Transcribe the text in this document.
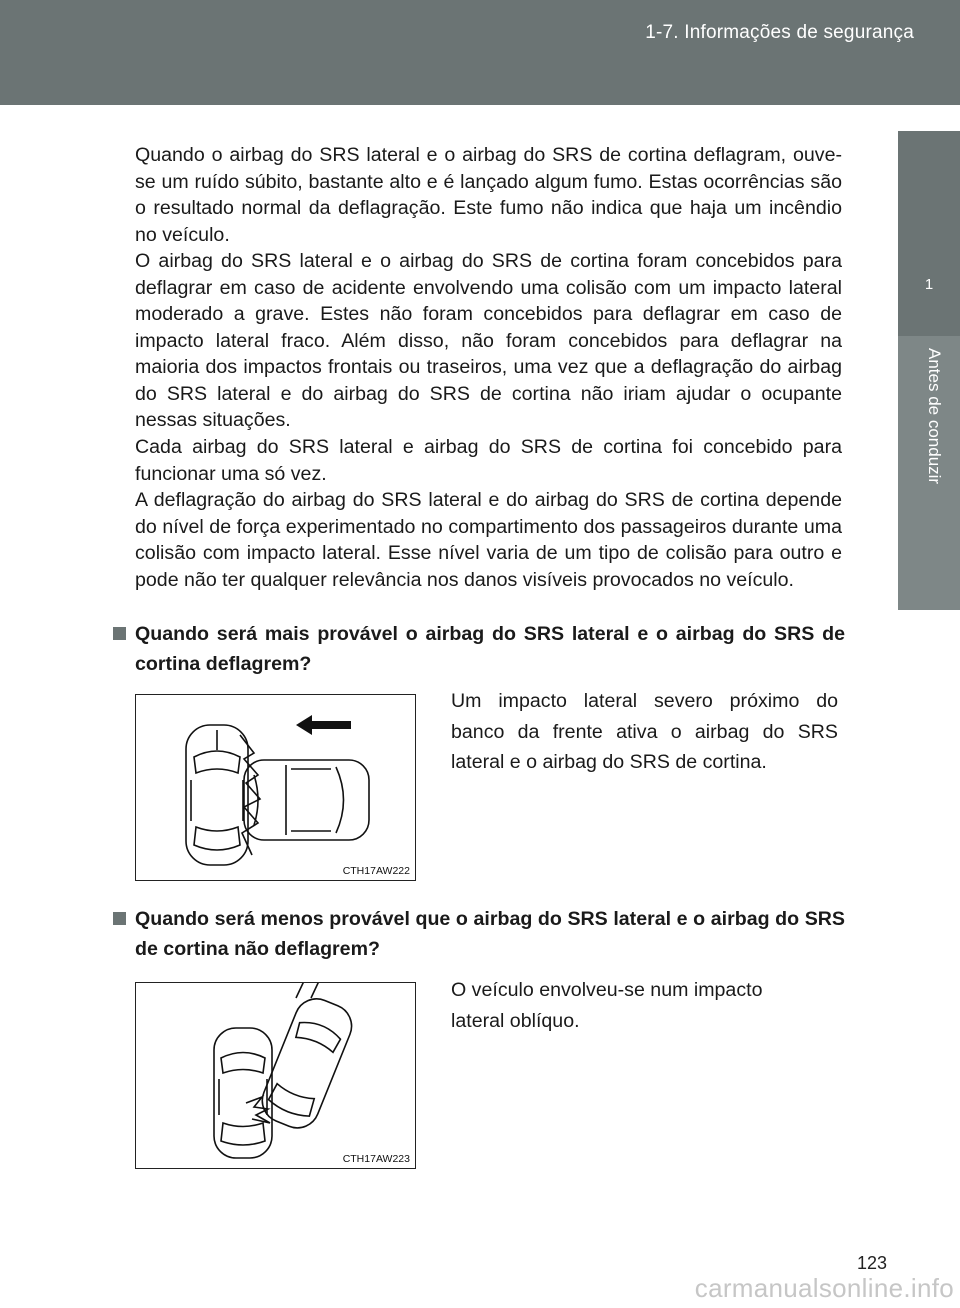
1-7. Informações de segurança
1
Antes de conduzir

Quando o airbag do SRS lateral e o airbag do SRS de cortina deflagram, ouve-se um ruído súbito, bastante alto e é lançado algum fumo. Estas ocorrências são o resultado normal da deflagração. Este fumo não indica que haja um incêndio no veículo.

O airbag do SRS lateral e o airbag do SRS de cortina foram concebidos para deflagrar em caso de acidente envolvendo uma colisão com um impacto lateral moderado a grave. Estes não foram concebidos para deflagrar em caso de impacto lateral fraco. Além disso, não foram concebidos para deflagrar na maioria dos impactos frontais ou traseiros, uma vez que a deflagração do airbag do SRS lateral e do airbag do SRS de cortina não iriam ajudar o ocupante nessas situações.

Cada airbag do SRS lateral e airbag do SRS de cortina foi concebido para funcionar uma só vez.

A deflagração do airbag do SRS lateral e do airbag do SRS de cortina depende do nível de força experimentado no compartimento dos passageiros durante uma colisão com impacto lateral. Esse nível varia de um tipo de colisão para outro e pode não ter qualquer relevância nos danos visíveis provocados no veículo.

Quando será mais provável o airbag do SRS lateral e o airbag do SRS de cortina deflagrem?
CTH17AW222

Um impacto lateral severo próximo do banco da frente ativa o airbag do SRS lateral e o airbag do SRS de cortina.

Quando será menos provável que o airbag do SRS lateral e o airbag do SRS de cortina não deflagrem?
CTH17AW223

O veículo envolveu-se num impacto lateral oblíquo.

123
carmanualsonline.info
